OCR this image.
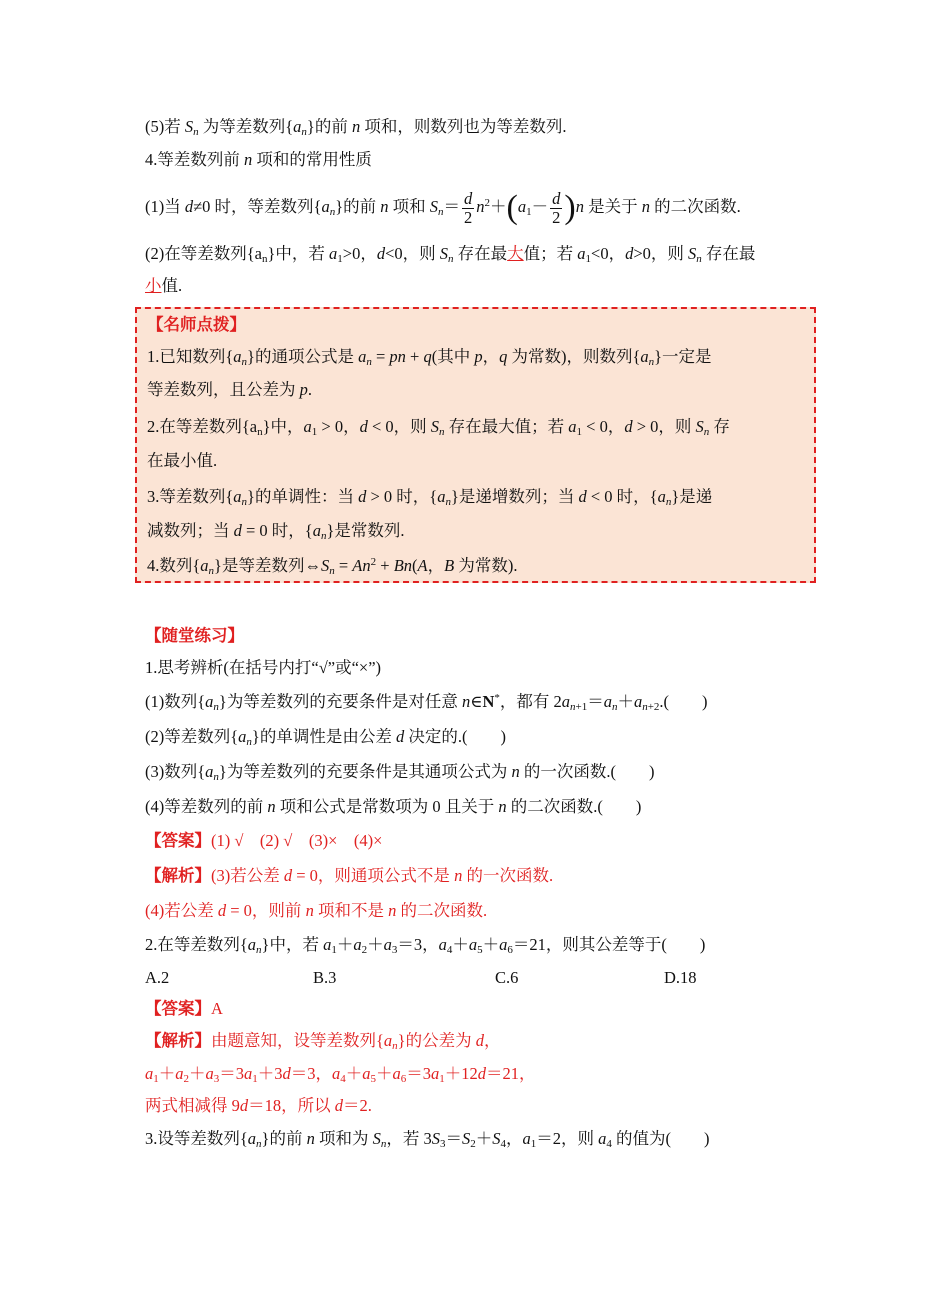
(5)若 $S_n$ 为等差数列$\{a_n\}$的前 n 项和，则数列也为等差数列.
4.等差数列前 n 项和的常用性质
(1)当 d≠0 时，等差数列$\{a_n\}$的前 n 项和 $S_n= \frac{d}{2} n^2+(a_1- \frac{d}{2} )n$ 是关于 n 的二次函数.
(2)在等差数列$\{a_n\}$中，若 $a_1>0$，d<0，则 $S_n$ 存在最大值；若 $a_1<0$，d>0，则 $S_n$ 存在最
小值.
【名师点拨】
1.已知数列$\{a_n\}$的通项公式是 $a_n$ = pn + q(其中 p，q 为常数)，则数列$\{a_n\}$一定是
等差数列，且公差为 p.
2.在等差数列$\{a_n\}$中，$a_1 > 0$，d < 0，则 $S_n$ 存在最大值；若 $a_1 < 0$，d > 0，则 $S_n$ 存
在最小值.
3.等差数列$\{a_n\}$的单调性：当 d > 0 时，$\{a_n\}$是递增数列；当 d < 0 时，$\{a_n\}$是递
减数列；当 d = 0 时，$\{a_n\}$是常数列.
4.数列$\{a_n\}$是等差数列$\Leftrightarrow S_n = An^2 + Bn(A$，B 为常数).
【随堂练习】
1.思考辨析(在括号内打“√”或“×”)
(1)数列$\{a_n\}$为等差数列的充要条件是对任意 n∈N*，都有 $2a_{n+1}=a_n+a_{n+2}$.(　　)
(2)等差数列$\{a_n\}$的单调性是由公差 d 决定的.(　　)
(3)数列$\{a_n\}$为等差数列的充要条件是其通项公式为 n 的一次函数.(　　)
(4)等差数列的前 n 项和公式是常数项为 0 且关于 n 的二次函数.(　　)
【答案】(1) √　(2) √　(3)×　(4)×
【解析】(3)若公差 d = 0，则通项公式不是 n 的一次函数.
(4)若公差 d = 0，则前 n 项和不是 n 的二次函数.
2.在等差数列$\{a_n\}$中，若 $a_1+a_2+a_3=3$，$a_4+a_5+a_6=21$，则其公差等于(　　)
A.2	B.3	C.6	D.18
【答案】A
【解析】由题意知，设等差数列$\{a_n\}$的公差为 d，
$a_1+a_2+a_3=3a_1+3d=3$，$a_4+a_5+a_6=3a_1+12d=21$，
两式相减得 9d＝18，所以 d＝2.
3.设等差数列$\{a_n\}$的前 n 项和为 $S_n$，若 $3S_3=S_2+S_4$，$a_1=2$，则 $a_4$ 的值为(　　)
